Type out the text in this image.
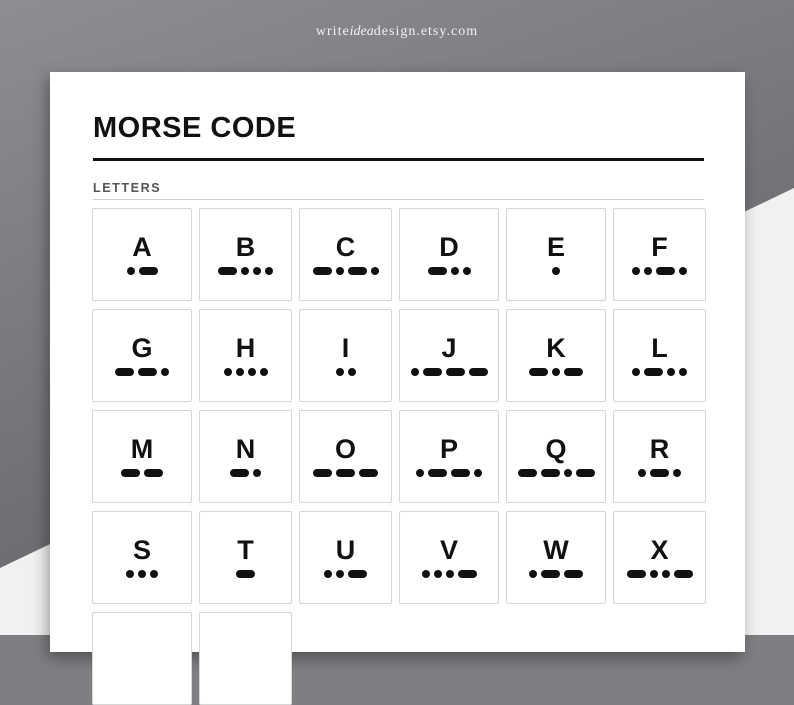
writeideadesign.etsy.com
MORSE CODE
LETTERS
A	B	C	D	E	F
G	H	I	J	K	L
M	N	O	P	Q	R
S	T	U	V	W	X
